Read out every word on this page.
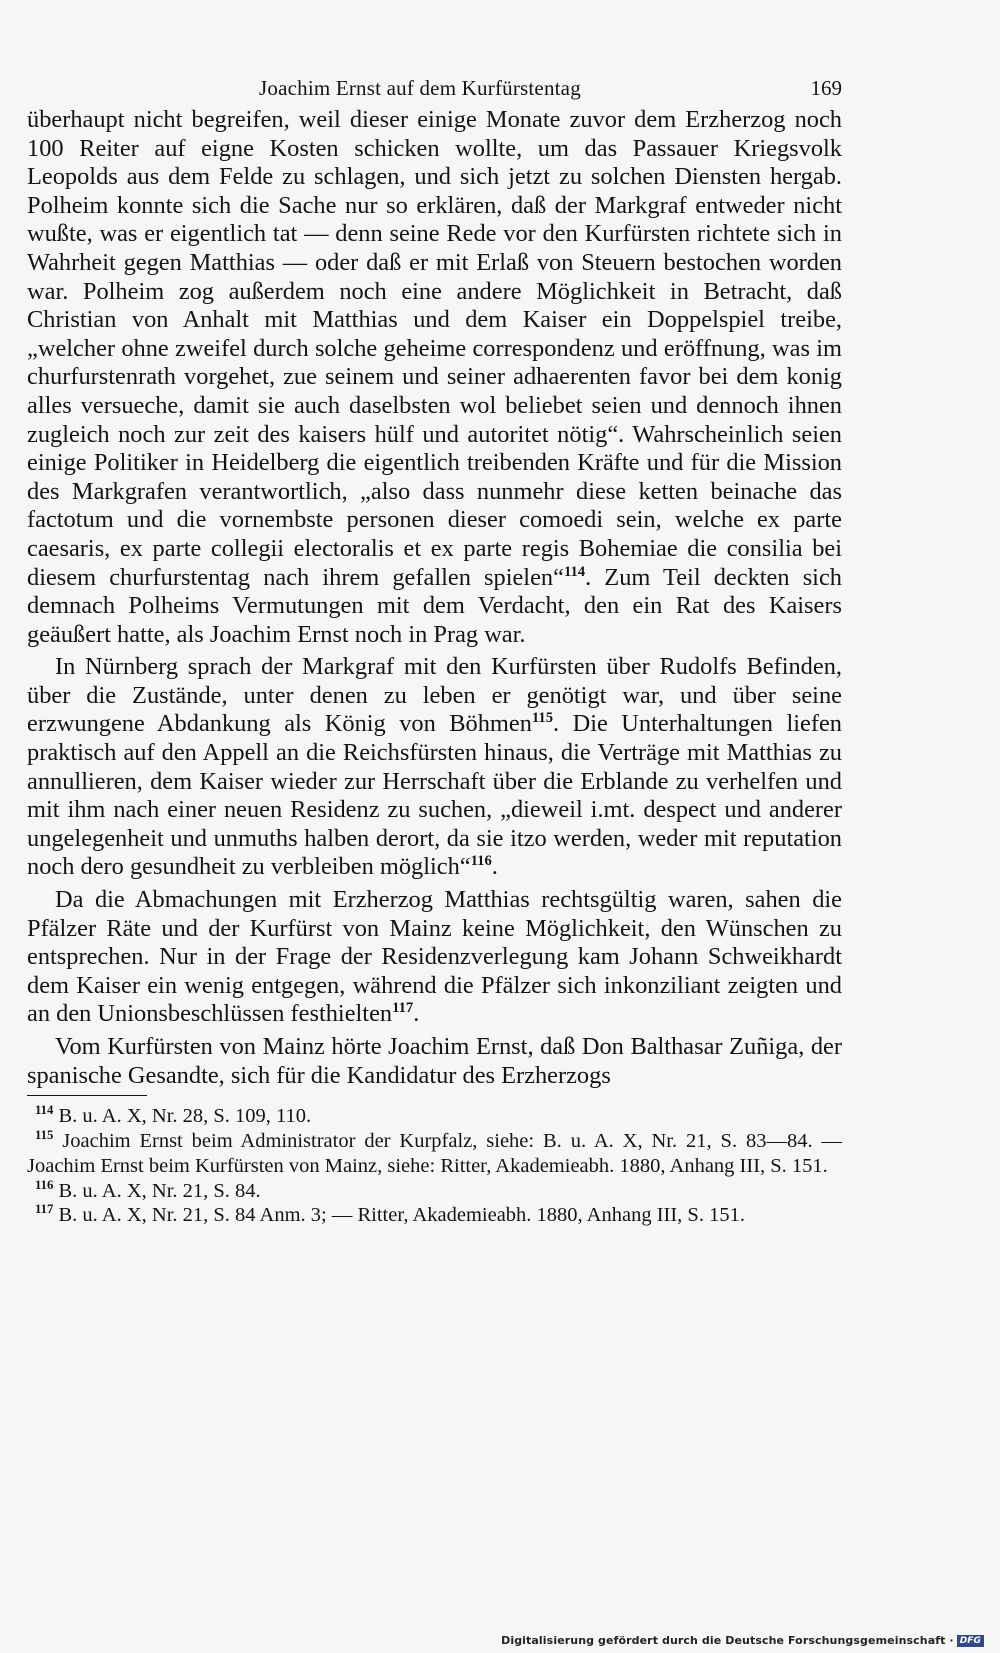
Joachim Ernst auf dem Kurfürstentag	169

überhaupt nicht begreifen, weil dieser einige Monate zuvor dem Erzherzog noch 100 Reiter auf eigne Kosten schicken wollte, um das Passauer Kriegsvolk Leopolds aus dem Felde zu schlagen, und sich jetzt zu solchen Diensten hergab. Polheim konnte sich die Sache nur so erklären, daß der Markgraf entweder nicht wußte, was er eigentlich tat — denn seine Rede vor den Kurfürsten richtete sich in Wahrheit gegen Matthias — oder daß er mit Erlaß von Steuern bestochen worden war. Polheim zog außerdem noch eine andere Möglichkeit in Betracht, daß Christian von Anhalt mit Matthias und dem Kaiser ein Doppelspiel treibe, „welcher ohne zweifel durch solche geheime correspondenz und eröffnung, was im churfurstenrath vorgehet, zue seinem und seiner adhaerenten favor bei dem konig alles versueche, damit sie auch daselbsten wol beliebet seien und dennoch ihnen zugleich noch zur zeit des kaisers hülf und autoritet nötig“. Wahrscheinlich seien einige Politiker in Heidelberg die eigentlich treibenden Kräfte und für die Mission des Markgrafen verantwortlich, „also dass nunmehr diese ketten beinache das factotum und die vornembste personen dieser comoedi sein, welche ex parte caesaris, ex parte collegii electoralis et ex parte regis Bohemiae die consilia bei diesem churfurstentag nach ihrem gefallen spielen“$^{114}$. Zum Teil deckten sich demnach Polheims Vermutungen mit dem Verdacht, den ein Rat des Kaisers geäußert hatte, als Joachim Ernst noch in Prag war.

In Nürnberg sprach der Markgraf mit den Kurfürsten über Rudolfs Befinden, über die Zustände, unter denen zu leben er genötigt war, und über seine erzwungene Abdankung als König von Böhmen$^{115}$. Die Unterhaltungen liefen praktisch auf den Appell an die Reichsfürsten hinaus, die Verträge mit Matthias zu annullieren, dem Kaiser wieder zur Herrschaft über die Erblande zu verhelfen und mit ihm nach einer neuen Residenz zu suchen, „dieweil i.mt. despect und anderer ungelegenheit und unmuths halben derort, da sie itzo werden, weder mit reputation noch dero gesundheit zu verbleiben möglich“$^{116}$.

Da die Abmachungen mit Erzherzog Matthias rechtsgültig waren, sahen die Pfälzer Räte und der Kurfürst von Mainz keine Möglichkeit, den Wünschen zu entsprechen. Nur in der Frage der Residenzverlegung kam Johann Schweikhardt dem Kaiser ein wenig entgegen, während die Pfälzer sich inkonziliant zeigten und an den Unionsbeschlüssen festhielten$^{117}$.

Vom Kurfürsten von Mainz hörte Joachim Ernst, daß Don Balthasar Zuñiga, der spanische Gesandte, sich für die Kandidatur des Erzherzogs

$^{114}$ B. u. A. X, Nr. 28, S. 109, 110.

$^{115}$ Joachim Ernst beim Administrator der Kurpfalz, siehe: B. u. A. X, Nr. 21, S. 83—84. — Joachim Ernst beim Kurfürsten von Mainz, siehe: Ritter, Akademieabh. 1880, Anhang III, S. 151.

$^{116}$ B. u. A. X, Nr. 21, S. 84.

$^{117}$ B. u. A. X, Nr. 21, S. 84 Anm. 3; — Ritter, Akademieabh. 1880, Anhang III, S. 151.

Digitalisierung gefördert durch die Deutsche Forschungsgemeinschaft · DFG
